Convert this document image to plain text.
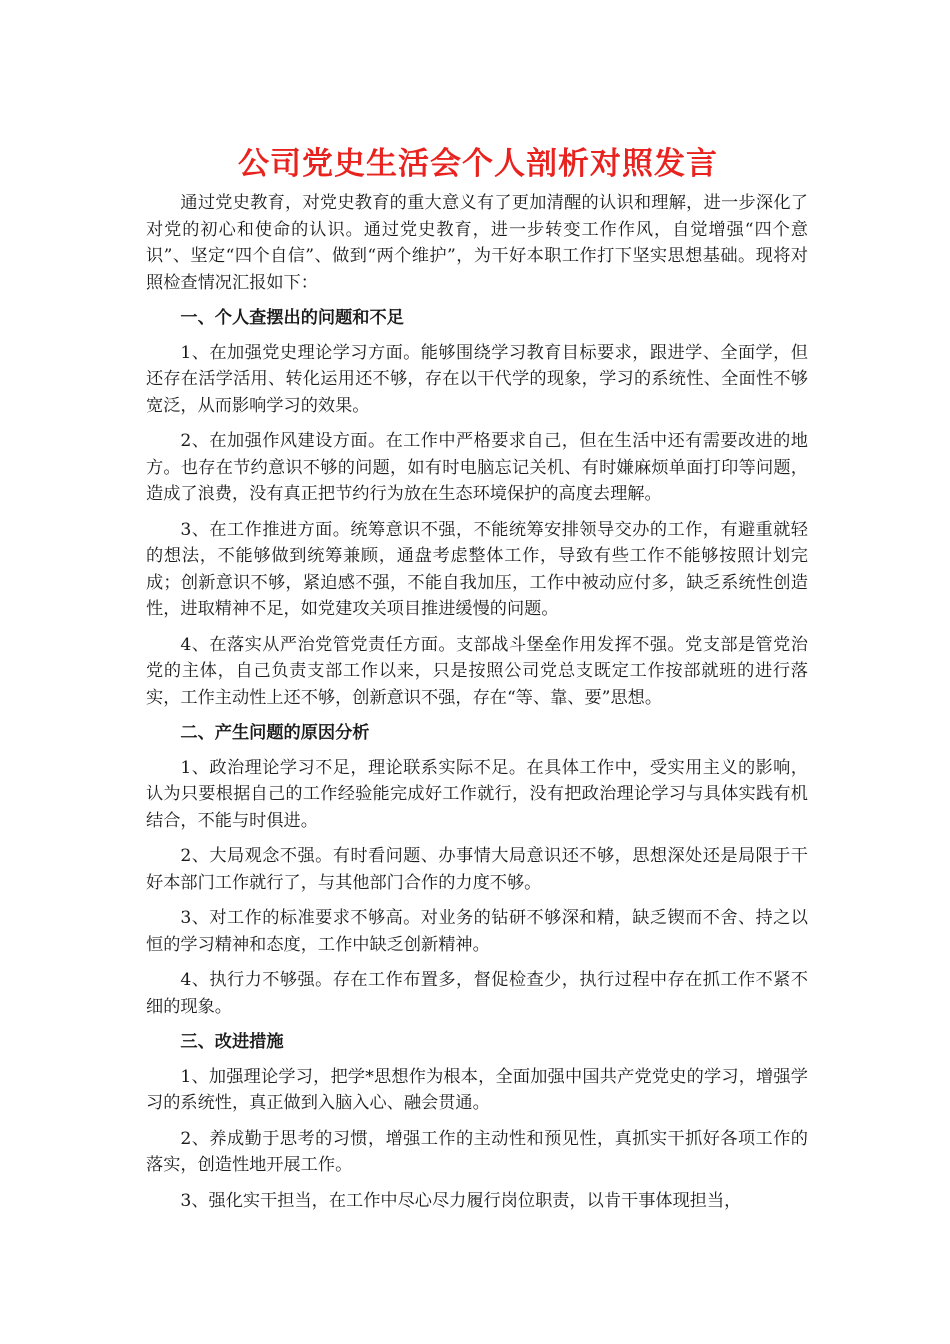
公司党史生活会个人剖析对照发言

通过党史教育，对党史教育的重大意义有了更加清醒的认识和理解，进一步深化了对党的初心和使命的认识。通过党史教育，进一步转变工作作风，自觉增强“四个意识”、坚定“四个自信”、做到“两个维护”，为干好本职工作打下坚实思想基础。现将对照检查情况汇报如下：

一、个人查摆出的问题和不足

1、在加强党史理论学习方面。能够围绕学习教育目标要求，跟进学、全面学，但还存在活学活用、转化运用还不够，存在以干代学的现象，学习的系统性、全面性不够宽泛，从而影响学习的效果。

2、在加强作风建设方面。在工作中严格要求自己，但在生活中还有需要改进的地方。也存在节约意识不够的问题，如有时电脑忘记关机、有时嫌麻烦单面打印等问题，造成了浪费，没有真正把节约行为放在生态环境保护的高度去理解。

3、在工作推进方面。统筹意识不强，不能统筹安排领导交办的工作，有避重就轻的想法，不能够做到统筹兼顾，通盘考虑整体工作，导致有些工作不能够按照计划完成；创新意识不够，紧迫感不强，不能自我加压，工作中被动应付多，缺乏系统性创造性，进取精神不足，如党建攻关项目推进缓慢的问题。

4、在落实从严治党管党责任方面。支部战斗堡垒作用发挥不强。党支部是管党治党的主体，自己负责支部工作以来，只是按照公司党总支既定工作按部就班的进行落实，工作主动性上还不够，创新意识不强，存在“等、靠、要”思想。

二、产生问题的原因分析

1、政治理论学习不足，理论联系实际不足。在具体工作中，受实用主义的影响，认为只要根据自己的工作经验能完成好工作就行，没有把政治理论学习与具体实践有机结合，不能与时俱进。

2、大局观念不强。有时看问题、办事情大局意识还不够，思想深处还是局限于干好本部门工作就行了，与其他部门合作的力度不够。

3、对工作的标准要求不够高。对业务的钻研不够深和精，缺乏锲而不舍、持之以恒的学习精神和态度，工作中缺乏创新精神。

4、执行力不够强。存在工作布置多，督促检查少，执行过程中存在抓工作不紧不细的现象。

三、改进措施

1、加强理论学习，把学*思想作为根本，全面加强中国共产党党史的学习，增强学习的系统性，真正做到入脑入心、融会贯通。

2、养成勤于思考的习惯，增强工作的主动性和预见性，真抓实干抓好各项工作的落实，创造性地开展工作。

3、强化实干担当，在工作中尽心尽力履行岗位职责，以肯干事体现担当，
